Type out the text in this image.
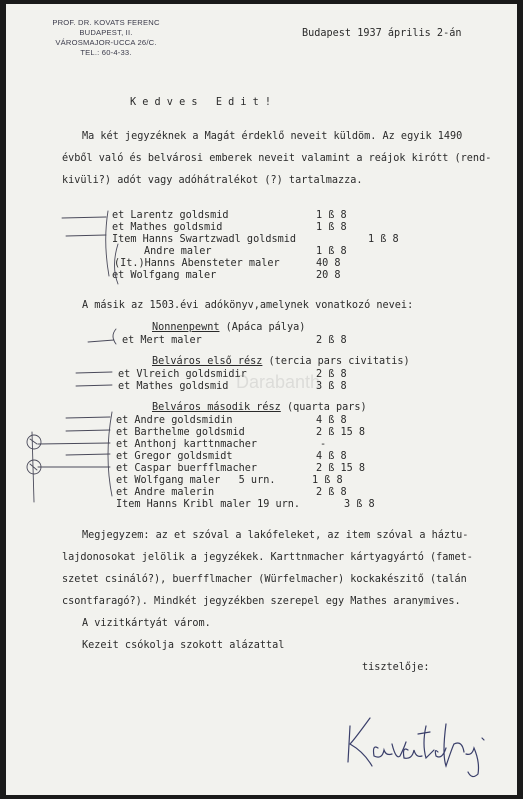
PROF. DR. KOVATS FERENC
BUDAPEST, II.
VÁROSMAJOR-UCCA 26/C.
TEL.: 60-4-33.
Budapest 1937 április 2-án
K e d v e s   E d i t !
Ma két jegyzéknek a Magát érdeklő neveit küldöm. Az egyik 1490
évből való és belvárosi emberek neveit valamint a reájok kirótt (rend-
kivüli?) adót vagy adóhátralékot (?) tartalmazza.
et Larentz goldsmid	1 ß 8
et Mathes goldsmid	1 ß 8
Item Hanns Swartzwadl goldsmid	1 ß 8
Andre maler	1 ß 8
(It.)Hanns Abensteter maler	40 8
et Wolfgang maler	20 8
A másik az 1503.évi adókönyv,amelynek vonatkozó nevei:
Nonnenpewnt (Apáca pálya)
et Mert maler	2 ß 8
Belváros első rész (tercia pars civitatis)
et Vlreich goldsmidir	2 ß 8
et Mathes goldsmid	3 ß 8
Belváros második rész (quarta pars)
et Andre goldsmidin	4 ß 8
et Barthelme goldsmid	2 ß 15 8
et Anthonj karttnmacher	-
et Gregor goldsmidt	4 ß 8
et Caspar buerfflmacher	2 ß 15 8
et Wolfgang maler   5 urn.	1 ß 8
et Andre malerin	2 ß 8
Item Hanns Kribl maler 19 urn.	3 ß 8
Megjegyzem: az et szóval a lakófeleket, az item szóval a háztu-
lajdonosokat jelölik a jegyzékek. Karttnmacher kártyagyártó (famet-
szetet csináló?), buerfflmacher (Würfelmacher) kockakészitő (talán
csontfaragó?). Mindkét jegyzékben szerepel egy Mathes aranymives.
A vizitkártyát várom.
Kezeit csókolja szokott alázattal
tisztelője:
Darabanth
